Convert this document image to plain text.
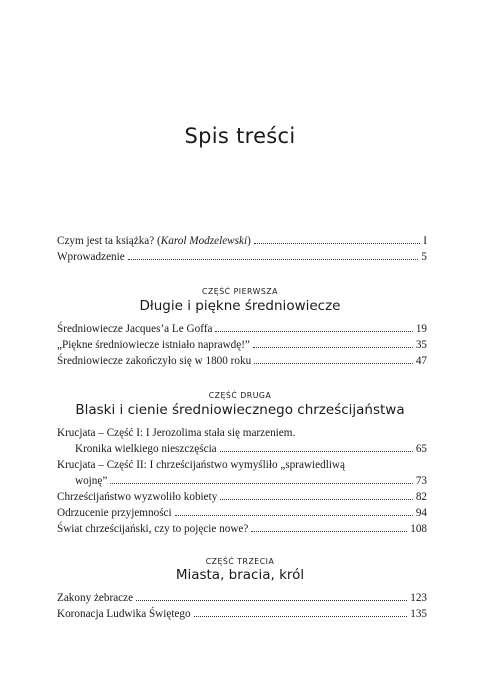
Spis treści
Czym jest ta książka? (Karol Modzelewski)	I
Wprowadzenie	5
CZĘŚĆ PIERWSZA
Długie i piękne średniowiecze
Średniowiecze Jacques’a Le Goffa	19
„Piękne średniowiecze istniało naprawdę!”	35
Średniowiecze zakończyło się w 1800 roku	47
CZĘŚĆ DRUGA
Blaski i cienie średniowiecznego chrześcijaństwa
Krucjata – Część I: I Jerozolima stała się marzeniem.
Kronika wielkiego nieszczęścia	65
Krucjata – Część II: I chrześcijaństwo wymyśliło „sprawiedliwą
wojnę”	73
Chrześcijaństwo wyzwoliło kobiety	82
Odrzucenie przyjemności	94
Świat chrześcijański, czy to pojęcie nowe?	108
CZĘŚĆ TRZECIA
Miasta, bracia, król
Zakony żebracze	123
Koronacja Ludwika Świętego	135
